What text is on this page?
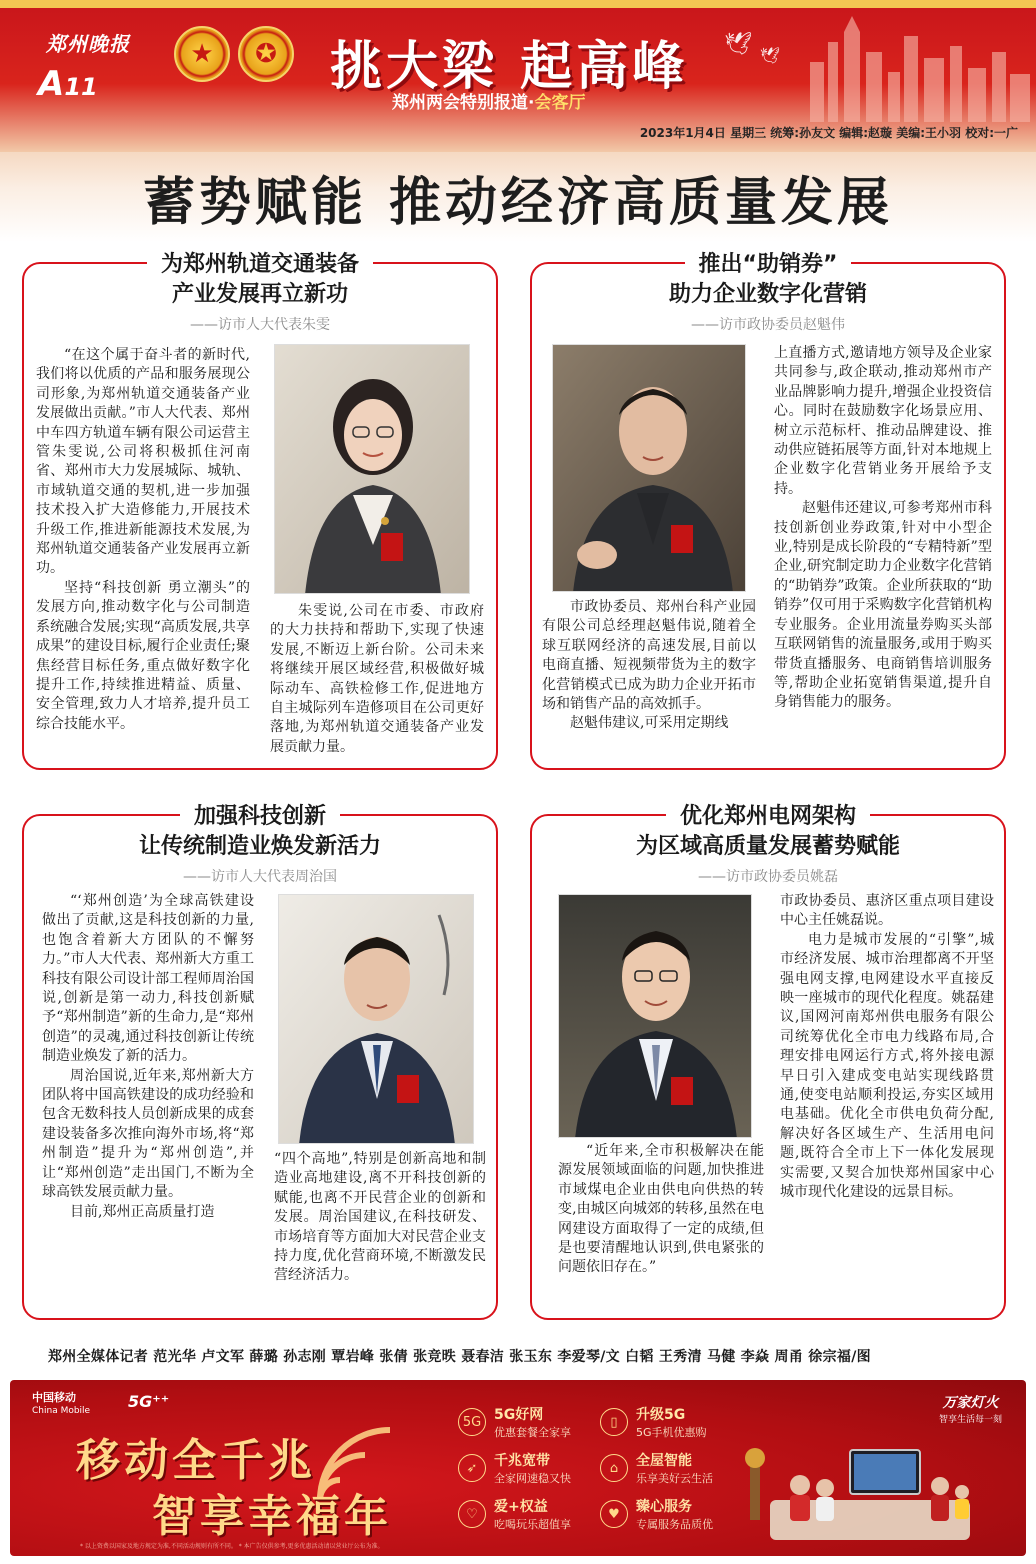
郑州晚报
A11
★	✪ 挑大梁 起高峰
郑州两会特别报道·会客厅
🕊 🕊
2023年1月4日 星期三 统筹:孙友文 编辑:赵璇 美编:王小羽 校对:一广
蓄势赋能 推动经济高质量发展
为郑州轨道交通装备
产业发展再立新功
——访市人大代表朱雯

“在这个属于奋斗者的新时代,我们将以优质的产品和服务展现公司形象,为郑州轨道交通装备产业发展做出贡献。”市人大代表、郑州中车四方轨道车辆有限公司运营主管朱雯说,公司将积极抓住河南省、郑州市大力发展城际、城轨、市域轨道交通的契机,进一步加强技术投入扩大造修能力,开展技术升级工作,推进新能源技术发展,为郑州轨道交通装备产业发展再立新功。

坚持“科技创新 勇立潮头”的发展方向,推动数字化与公司制造系统融合发展;实现“高质发展,共享成果”的建设目标,履行企业责任;聚焦经营目标任务,重点做好数字化提升工作,持续推进精益、质量、安全管理,致力人才培养,提升员工综合技能水平。

朱雯说,公司在市委、市政府的大力扶持和帮助下,实现了快速发展,不断迈上新台阶。公司未来将继续开展区域经营,积极做好城际动车、高铁检修工作,促进地方自主城际列车造修项目在公司更好落地,为郑州轨道交通装备产业发展贡献力量。

推出“助销券”
助力企业数字化营销
——访市政协委员赵魁伟

市政协委员、郑州台科产业园有限公司总经理赵魁伟说,随着全球互联网经济的高速发展,目前以电商直播、短视频带货为主的数字化营销模式已成为助力企业开拓市场和销售产品的高效抓手。

赵魁伟建议,可采用定期线

上直播方式,邀请地方领导及企业家共同参与,政企联动,推动郑州市产业品牌影响力提升,增强企业投资信心。同时在鼓励数字化场景应用、树立示范标杆、推动品牌建设、推动供应链拓展等方面,针对本地规上企业数字化营销业务开展给予支持。

赵魁伟还建议,可参考郑州市科技创新创业券政策,针对中小型企业,特别是成长阶段的“专精特新”型企业,研究制定助力企业数字化营销的“助销券”政策。企业所获取的“助销券”仅可用于采购数字化营销机构专业服务。企业用流量券购买头部互联网销售的流量服务,或用于购买带货直播服务、电商销售培训服务等,帮助企业拓宽销售渠道,提升自身销售能力的服务。

加强科技创新
让传统制造业焕发新活力
——访市人大代表周治国

“‘郑州创造’为全球高铁建设做出了贡献,这是科技创新的力量,也饱含着新大方团队的不懈努力。”市人大代表、郑州新大方重工科技有限公司设计部工程师周治国说,创新是第一动力,科技创新赋予“郑州制造”新的生命力,是“郑州创造”的灵魂,通过科技创新让传统制造业焕发了新的活力。

周治国说,近年来,郑州新大方团队将中国高铁建设的成功经验和包含无数科技人员创新成果的成套建设装备多次推向海外市场,将“郑州制造”提升为“郑州创造”,并让“郑州创造”走出国门,不断为全球高铁发展贡献力量。

目前,郑州正高质量打造

“四个高地”,特别是创新高地和制造业高地建设,离不开科技创新的赋能,也离不开民营企业的创新和发展。周治国建议,在科技研发、市场培育等方面加大对民营企业支持力度,优化营商环境,不断激发民营经济活力。

优化郑州电网架构
为区域高质量发展蓄势赋能
——访市政协委员姚磊

“近年来,全市积极解决在能源发展领域面临的问题,加快推进市域煤电企业由供电向供热的转变,由城区向城郊的转移,虽然在电网建设方面取得了一定的成绩,但是也要清醒地认识到,供电紧张的问题依旧存在。”

市政协委员、惠济区重点项目建设中心主任姚磊说。

电力是城市发展的“引擎”,城市经济发展、城市治理都离不开坚强电网支撑,电网建设水平直接反映一座城市的现代化程度。姚磊建议,国网河南郑州供电服务有限公司统筹优化全市电力线路布局,合理安排电网运行方式,将外接电源早日引入建成变电站实现线路贯通,使变电站顺利投运,夯实区域用电基础。优化全市供电负荷分配,解决好各区域生产、生活用电问题,既符合全市上下一体化发展现实需要,又契合加快郑州国家中心城市现代化建设的远景目标。

郑州全媒体记者 范光华 卢文军 薛璐 孙志刚 覃岩峰 张倩 张竞昳 聂春洁 张玉东 李爱琴/文 白韬 王秀清 马健 李焱 周甬 徐宗福/图
中国移动
China Mobile 5G⁺⁺
移动全千兆
智享幸福年
5G 5G好网
优惠套餐全家享
▯	升级5G
5G手机优惠购
➶	千兆宽带
全家网速稳又快
⌂	全屋智能
乐享美好云生活
♡	爱+权益
吃喝玩乐超值享
♥	臻心服务
专属服务品质优
万家灯火
智享生活每一刻
* 以上资费以国家及地方规定为准,不同活动规则有所不同。 * 本广告仅供参考,更多优惠活动请以营业厅公布为准。
